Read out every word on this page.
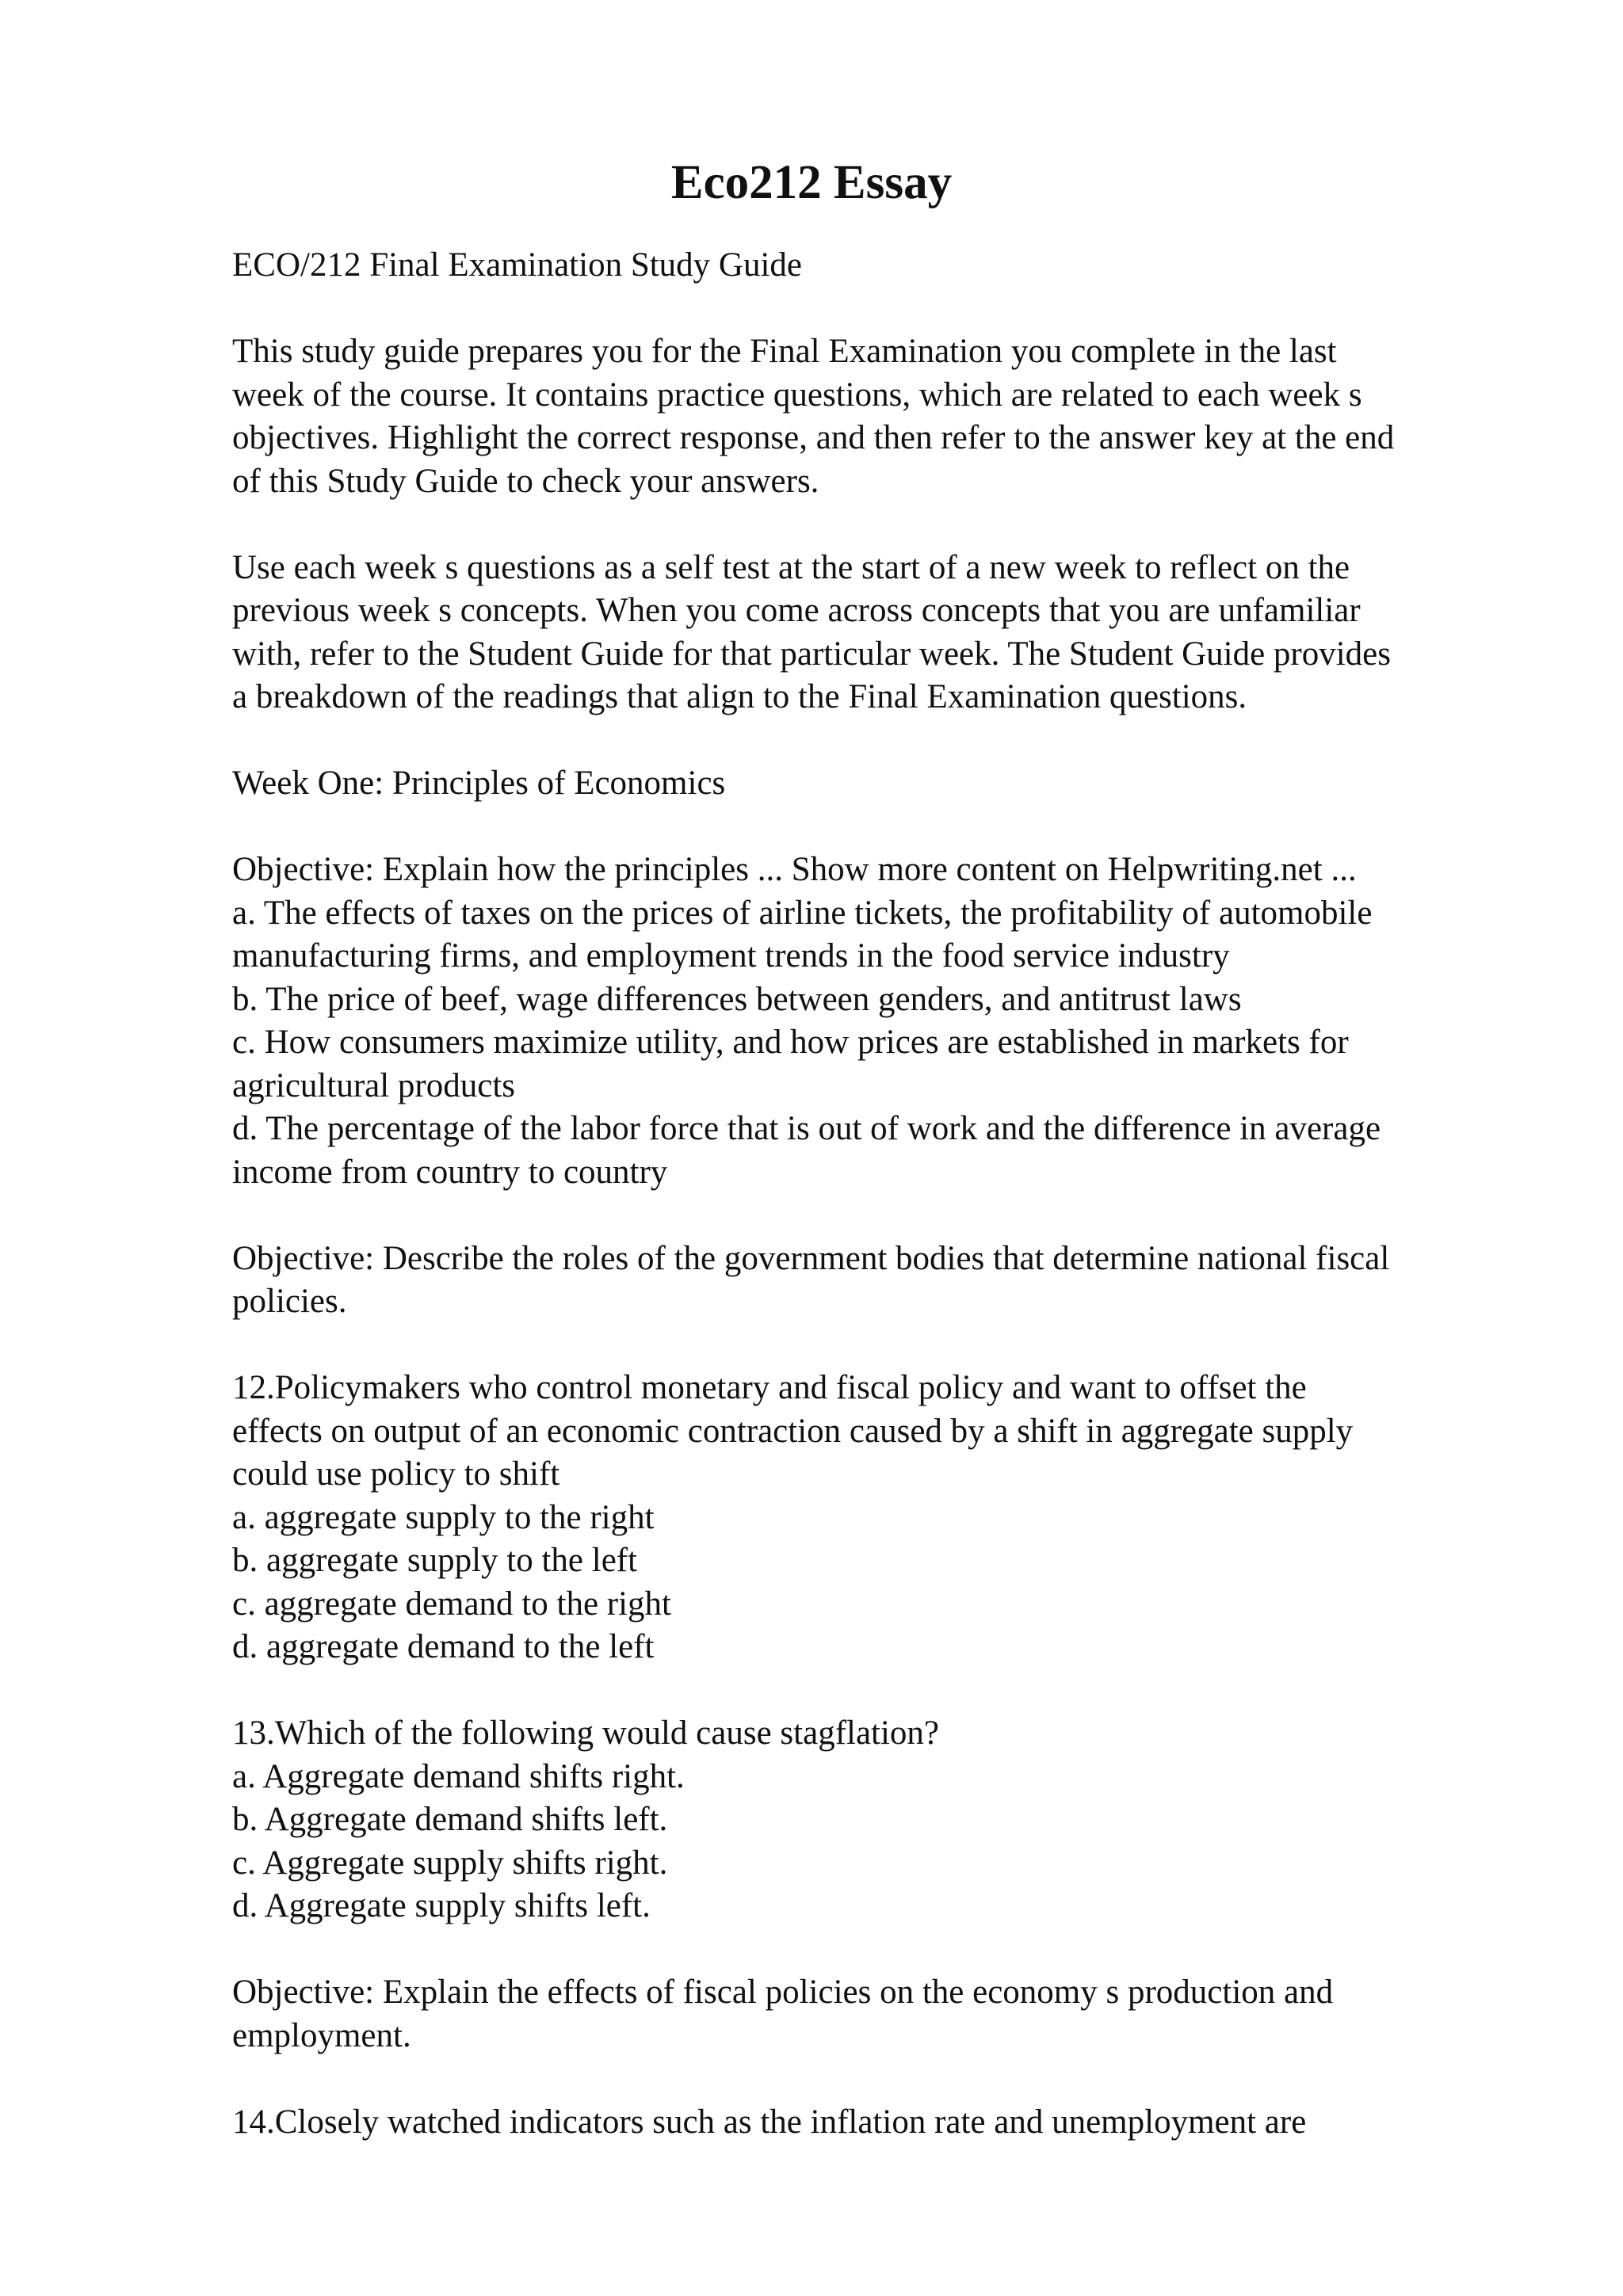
Eco212 Essay

ECO/212 Final Examination Study Guide

This study guide prepares you for the Final Examination you complete in the last
week of the course. It contains practice questions, which are related to each week s
objectives. Highlight the correct response, and then refer to the answer key at the end
of this Study Guide to check your answers.

Use each week s questions as a self test at the start of a new week to reflect on the
previous week s concepts. When you come across concepts that you are unfamiliar
with, refer to the Student Guide for that particular week. The Student Guide provides
a breakdown of the readings that align to the Final Examination questions.

Week One: Principles of Economics

Objective: Explain how the principles ... Show more content on Helpwriting.net ...
a. The effects of taxes on the prices of airline tickets, the profitability of automobile
manufacturing firms, and employment trends in the food service industry
b. The price of beef, wage differences between genders, and antitrust laws
c. How consumers maximize utility, and how prices are established in markets for
agricultural products
d. The percentage of the labor force that is out of work and the difference in average
income from country to country

Objective: Describe the roles of the government bodies that determine national fiscal
policies.

12.Policymakers who control monetary and fiscal policy and want to offset the
effects on output of an economic contraction caused by a shift in aggregate supply
could use policy to shift
a. aggregate supply to the right
b. aggregate supply to the left
c. aggregate demand to the right
d. aggregate demand to the left

13.Which of the following would cause stagflation?
a. Aggregate demand shifts right.
b. Aggregate demand shifts left.
c. Aggregate supply shifts right.
d. Aggregate supply shifts left.

Objective: Explain the effects of fiscal policies on the economy s production and
employment.

14.Closely watched indicators such as the inflation rate and unemployment are
